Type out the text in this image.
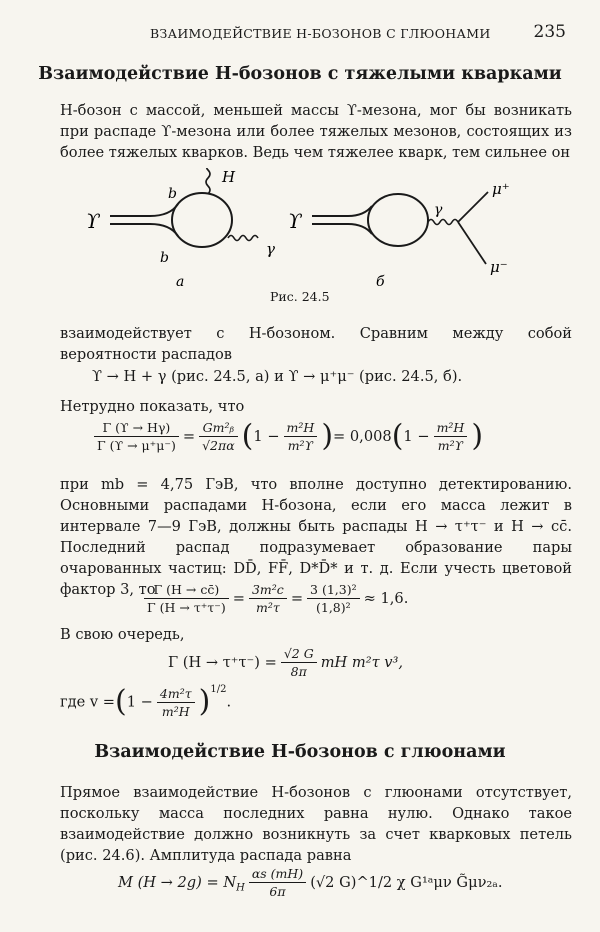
ВЗАИМОДЕЙСТВИЕ H-БОЗОНОВ С ГЛЮОНАМИ	235
Взаимодействие H-бозонов с тяжелыми кварками
H-бозон с массой, меньшей массы ϒ-мезона, мог бы возникать при распаде ϒ-мезона или более тяжелых мезонов, состоящих из более тяжелых кварков. Ведь чем тяжелее кварк, тем сильнее он
ϒ
b
b
H
γ
а
ϒ	γ
μ⁺
μ⁻
б
Рис. 24.5
взаимодействует с H-бозоном. Сравним между собой вероятности распадов
ϒ → H + γ (рис. 24.5, а) и ϒ → μ⁺μ⁻ (рис. 24.5, б).
Нетрудно показать, что
$\frac{\Gamma (ϒ \to H\gamma)}{\Gamma (ϒ \to \mu^+\mu^-)} = \frac{\text{Gm²ᵦ}}{√2\pi\alpha} (1 - \frac{\text{m²H}}{\text{m²ϒ}}$ )= $0,008(1 - \frac{\text{m²H}}{\text{m²ϒ}}$ )
при mb = 4,75 ГэВ, что вполне доступно детектированию. Основными распадами H-бозона, если его масса лежит в интервале 7—9 ГэВ, должны быть распады H → τ⁺τ⁻ и H → cc̄. Последний распад подразумевает образование пары очарованных частиц: DD̄, FF̄, D*D̄* и т. д. Если учесть цветовой фактор 3, то
$\frac{\Gamma (H \to cc̄)}{\Gamma (H \to \tau^+\tau^-)} = \frac{\text{3m²c}}{\text{m²τ}} = \frac{\text{3 (1,3)²}}{\text{(1,8)²}} \approx 1,6$.
В свою очередь,
Γ $(H \to \tau^+\tau^-) = \frac{√2 G}{8\pi}$ mH m²τ v³,
где $v =(1 - \frac{\text{4m²τ}}{\text{m²H}} )^{1/2}$.
Взаимодействие H-бозонов с глюонами
Прямое взаимодействие H-бозонов с глюонами отсутствует, поскольку масса последних равна нулю. Однако такое взаимодействие должно возникнуть за счет кварковых петель (рис. 24.6). Амплитуда распада равна
M $(H \to 2g) = N_H \frac{\alpha s (mH)}{6\pi} (√2$ G)^1/2 χ G¹ᵃμν G̃μν₂ₐ.
